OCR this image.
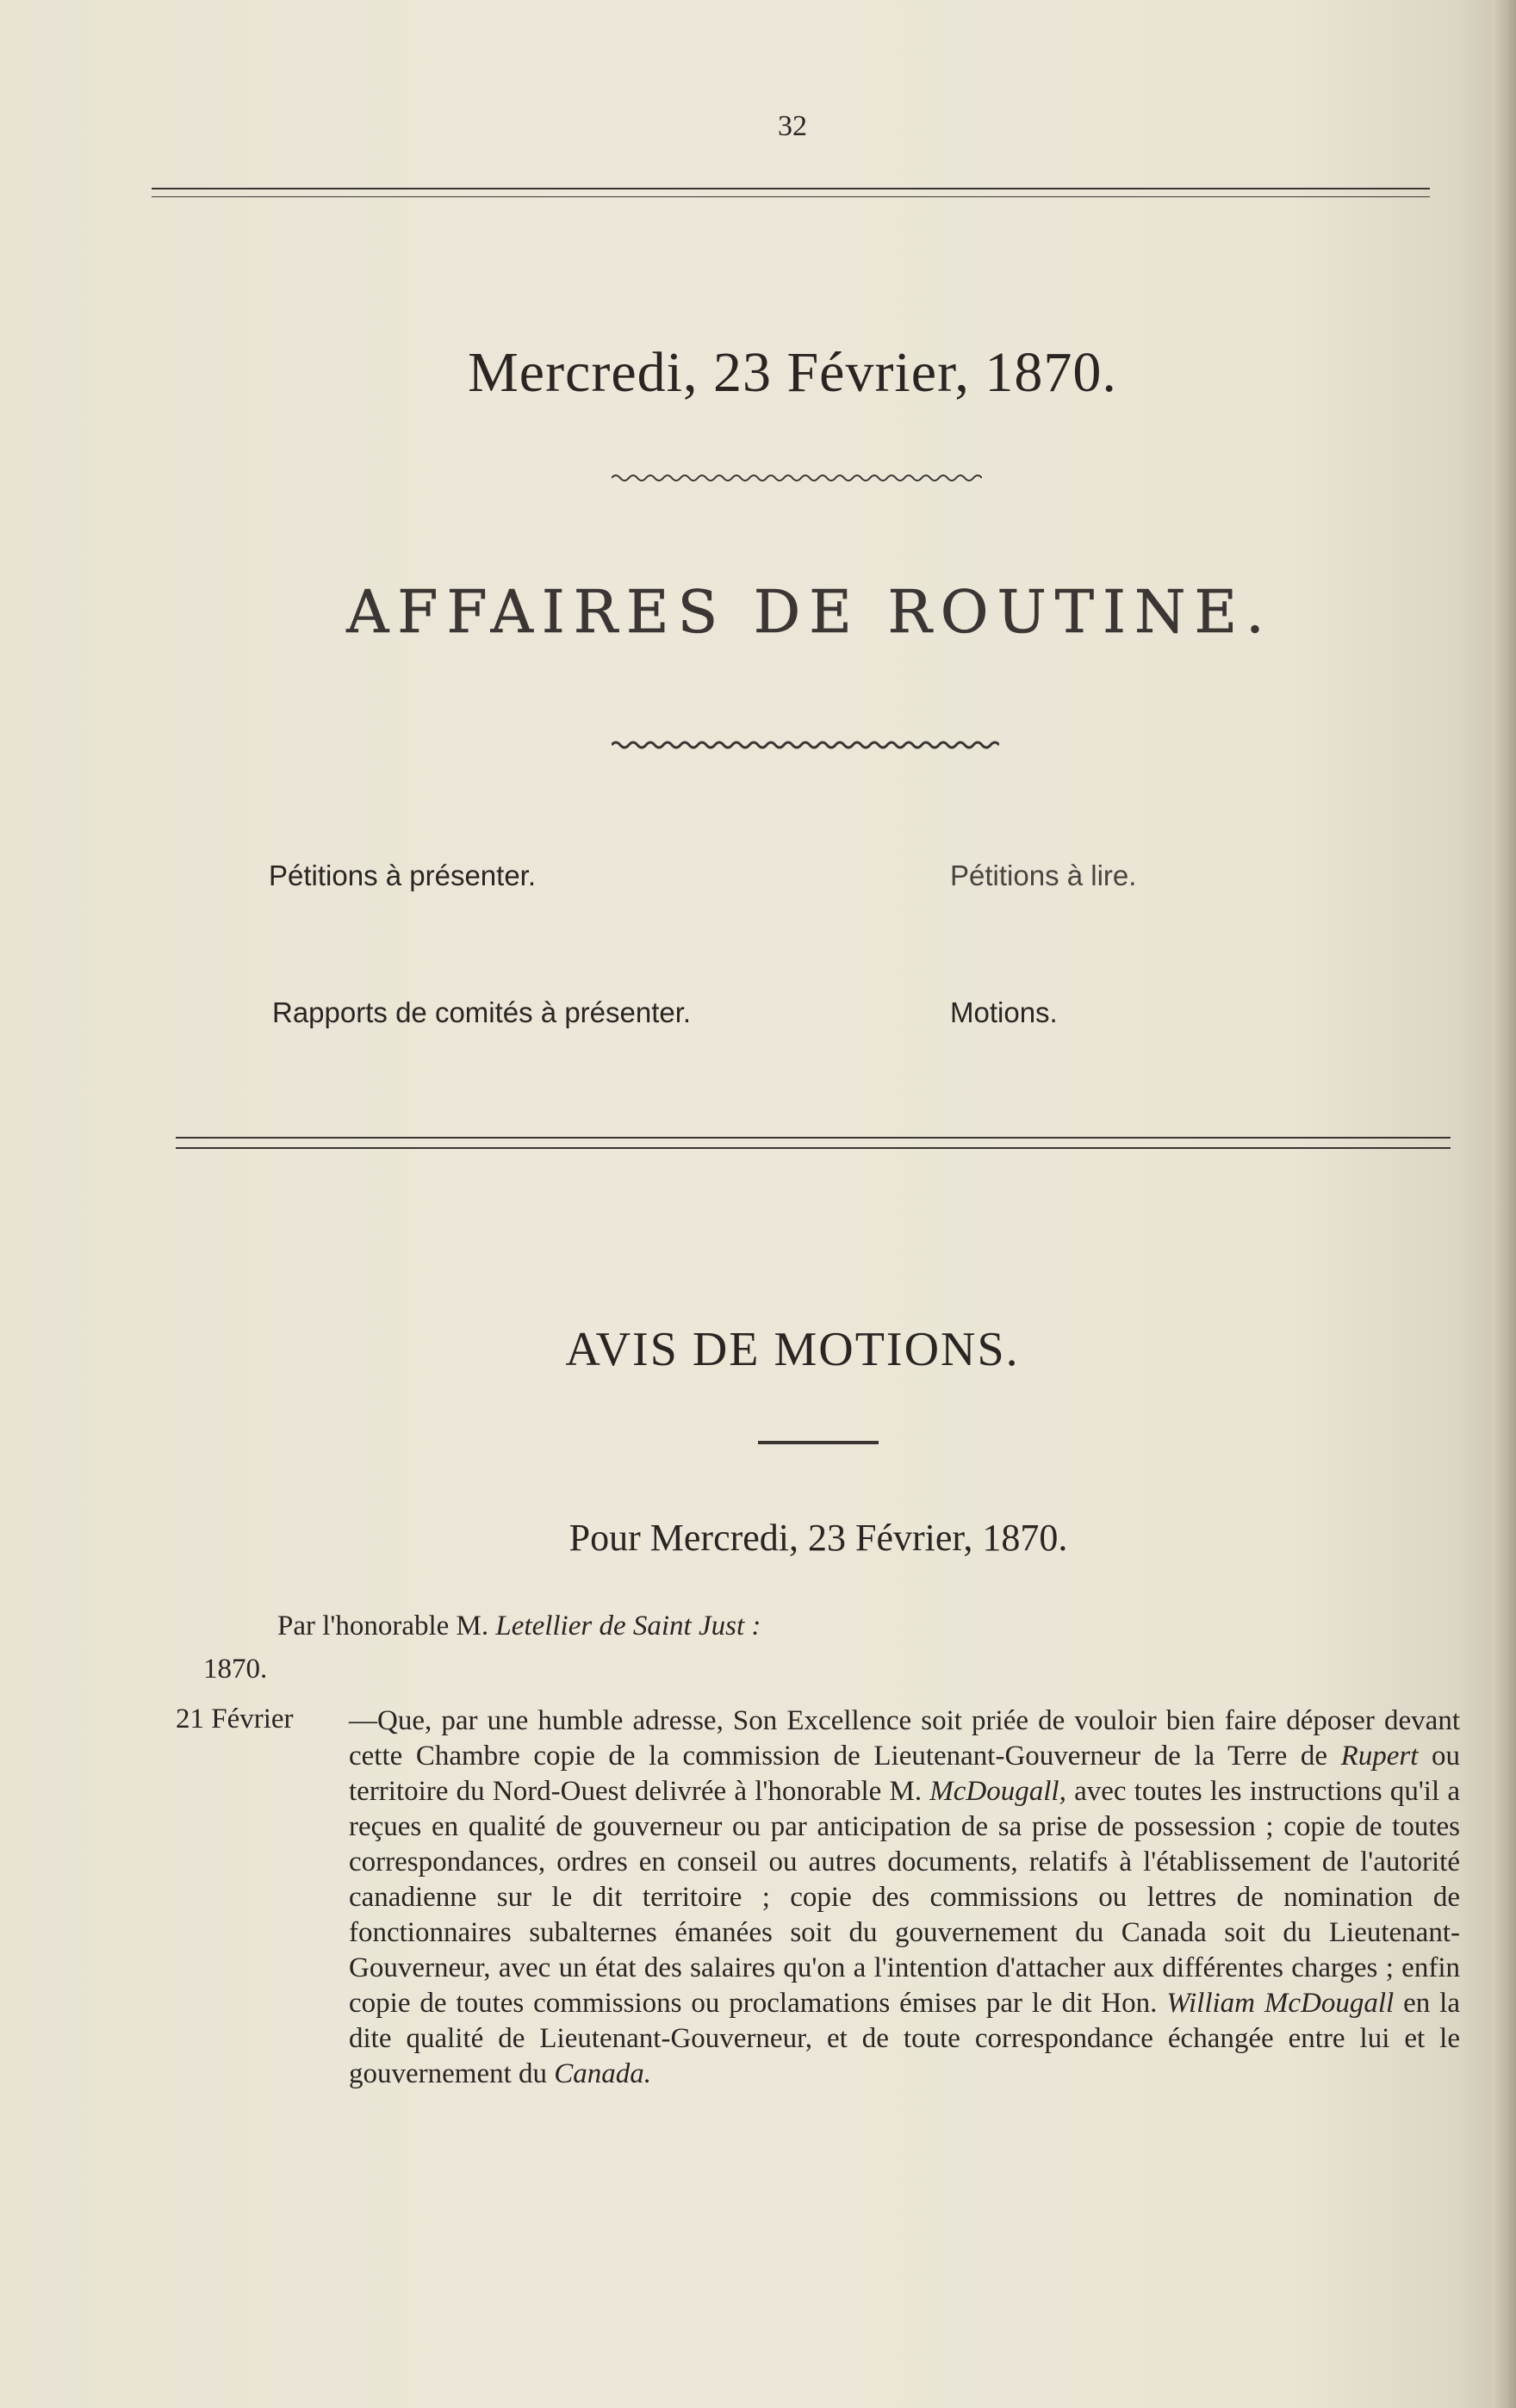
32
Mercredi, 23 Février, 1870.
AFFAIRES DE ROUTINE.
Pétitions à présenter.	Pétitions à lire.
Rapports de comités à présenter.	Motions.
AVIS DE MOTIONS.
Pour Mercredi, 23 Février, 1870.
Par l'honorable M. Letellier de Saint Just :
1870.
21 Février —Que, par une humble adresse, Son Excellence soit priée de vouloir bien faire déposer devant cette Chambre copie de la commission de Lieutenant-Gouverneur de la Terre de Rupert ou territoire du Nord-Ouest delivrée à l'honorable M. McDougall, avec toutes les instructions qu'il a reçues en qualité de gouverneur ou par anticipation de sa prise de possession ; copie de toutes correspondances, ordres en conseil ou autres documents, relatifs à l'établissement de l'autorité canadienne sur le dit territoire ; copie des commissions ou lettres de nomination de fonctionnaires subalternes émanées soit du gouvernement du Canada soit du Lieutenant-Gouverneur, avec un état des salaires qu'on a l'intention d'attacher aux différentes charges ; enfin copie de toutes commissions ou proclamations émises par le dit Hon. William McDougall en la dite qualité de Lieutenant-Gouverneur, et de toute correspondance échangée entre lui et le gouvernement du Canada.
